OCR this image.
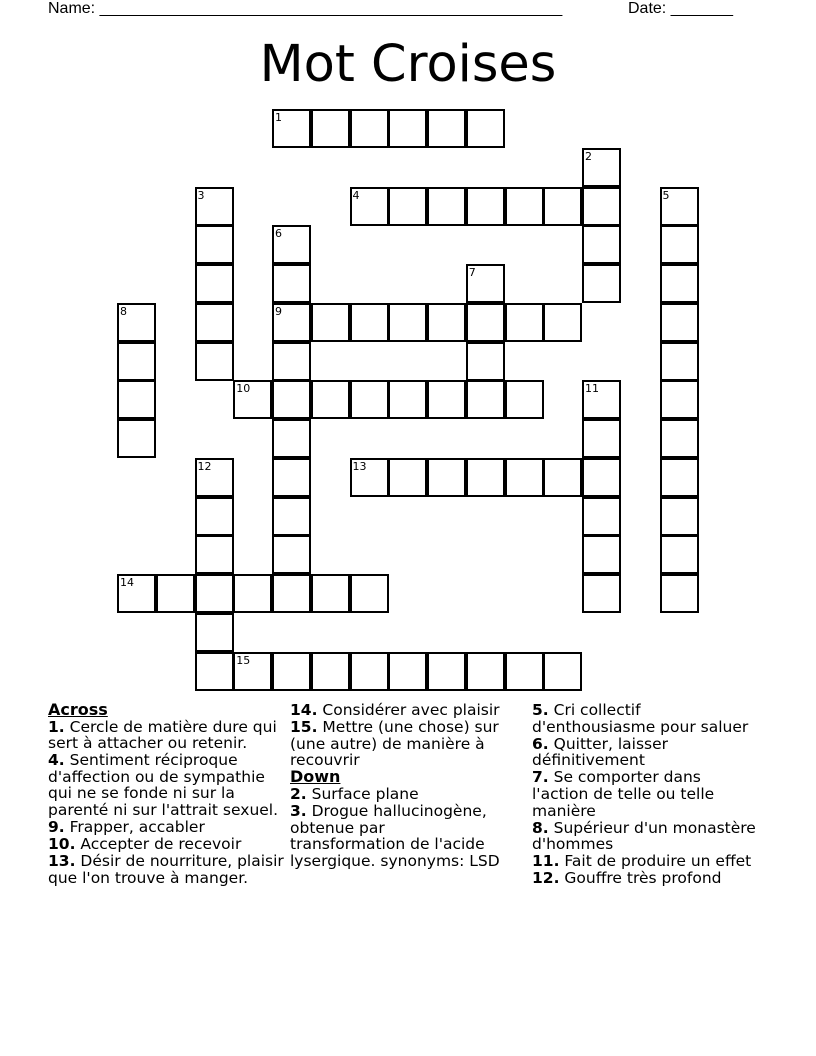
Name: ____________________________________________________	Date: _______
Mot Croises
1
2
3	4	5
6
7
8	9
10	11
12	13
14
15
Across
1. Cercle de matière dure qui sert à attacher ou retenir.
4. Sentiment réciproque d'affection ou de sympathie qui ne se fonde ni sur la parenté ni sur l'attrait sexuel.
9. Frapper, accabler
10. Accepter de recevoir
13. Désir de nourriture, plaisir que l'on trouve à manger.
14. Considérer avec plaisir
15. Mettre (une chose) sur (une autre) de manière à recouvrir
Down
2. Surface plane
3. Drogue hallucinogène, obtenue par transformation de l'acide lysergique. synonyms: LSD
5. Cri collectif d'enthousiasme pour saluer
6. Quitter, laisser définitivement
7. Se comporter dans l'action de telle ou telle manière
8. Supérieur d'un monastère d'hommes
11. Fait de produire un effet
12. Gouffre très profond
